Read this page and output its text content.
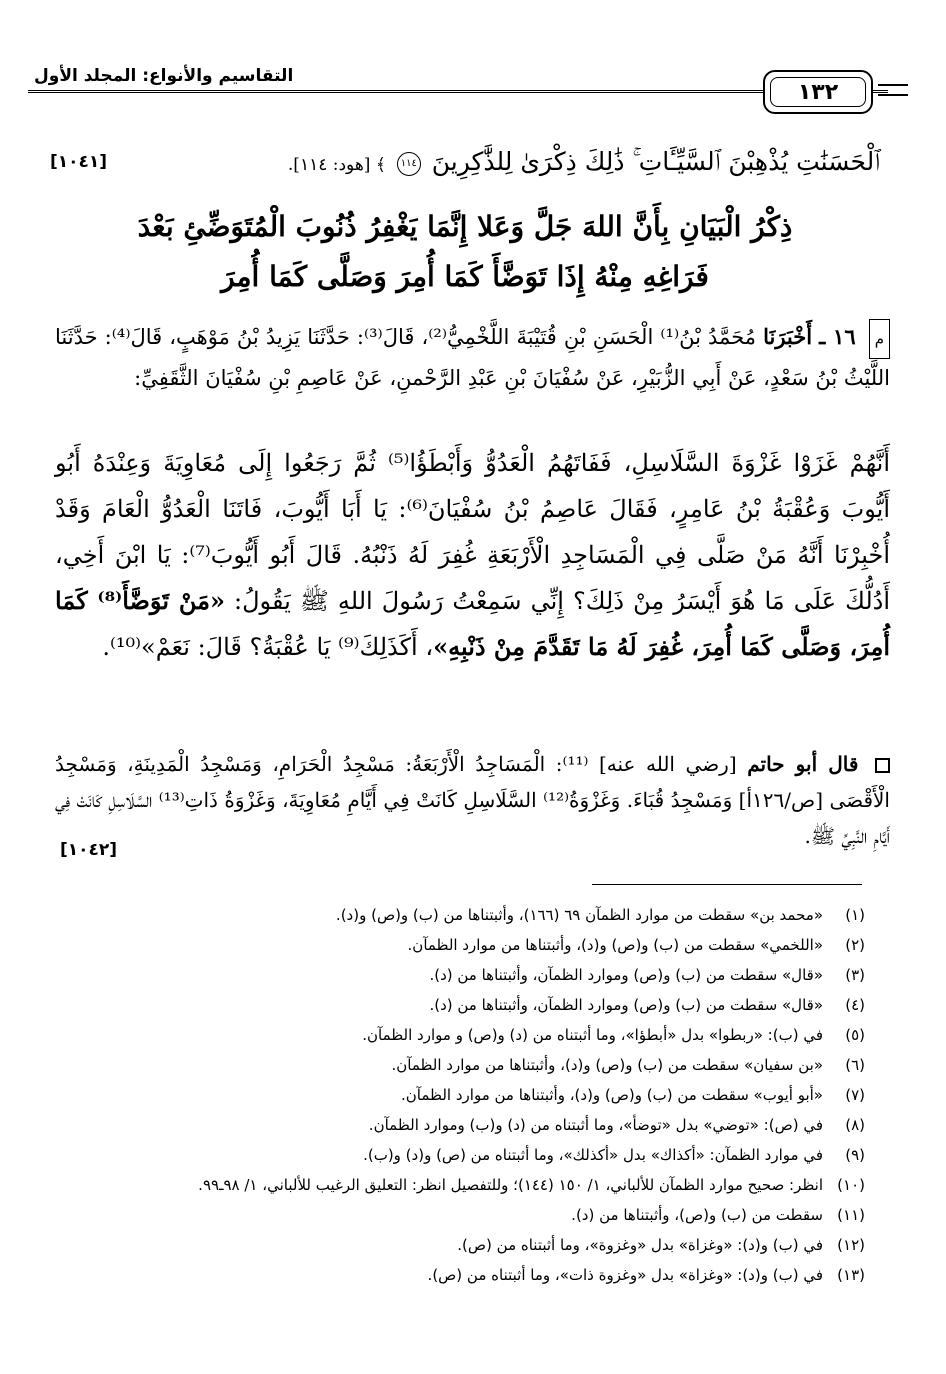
١٣٢
التقاسيم والأنواع: المجلد الأول
ٱلْحَسَنَٰتِ يُذْهِبْنَ ٱلسَّيِّـَٔاتِ ۚ ذَٰلِكَ ذِكْرَىٰ لِلذَّٰكِرِينَ ١١٤ ﴾ [هود: ١١٤].
[١٠٤١]
ذِكْرُ الْبَيَانِ بِأَنَّ اللهَ جَلَّ وَعَلا إِنَّمَا يَغْفِرُ ذُنُوبَ الْمُتَوَضِّئِ بَعْدَ
فَرَاغِهِ مِنْهُ إِذَا تَوَضَّأَ كَمَا أُمِرَ وَصَلَّى كَمَا أُمِرَ
م ١٦ ـ أَخْبَرَنَا مُحَمَّدُ بْنُ⁽¹⁾ الْحَسَنِ بْنِ قُتَيْبَةَ اللَّخْمِيُّ⁽²⁾، قَالَ⁽³⁾: حَدَّثَنَا يَزِيدُ بْنُ مَوْهَبٍ، قَالَ⁽⁴⁾: حَدَّثَنَا اللَّيْثُ بْنُ سَعْدٍ، عَنْ أَبِي الزُّبَيْرِ، عَنْ سُفْيَانَ بْنِ عَبْدِ الرَّحْمنِ، عَنْ عَاصِمِ بْنِ سُفْيَانَ الثَّقَفِيِّ:
أَنَّهُمْ غَزَوْا غَزْوَةَ السَّلَاسِلِ، فَفَاتَهُمُ الْعَدُوُّ وَأَبْطَؤُا⁽⁵⁾ ثُمَّ رَجَعُوا إِلَى مُعَاوِيَةَ وَعِنْدَهُ أَبُو أَيُّوبَ وَعُقْبَةُ بْنُ عَامِرٍ، فَقَالَ عَاصِمُ بْنُ سُفْيَانَ⁽⁶⁾: يَا أَبَا أَيُّوبَ، فَاتَنَا الْعَدُوُّ الْعَامَ وَقَدْ أُخْبِرْنَا أَنَّهُ مَنْ صَلَّى فِي الْمَسَاجِدِ الْأَرْبَعَةِ غُفِرَ لَهُ ذَنْبُهُ. قَالَ أَبُو أَيُّوبَ⁽⁷⁾: يَا ابْنَ أَخِي، أَدُلُّكَ عَلَى مَا هُوَ أَيْسَرُ مِنْ ذَلِكَ؟ إِنِّي سَمِعْتُ رَسُولَ اللهِ ﷺ يَقُولُ: «مَنْ تَوَضَّأَ⁽⁸⁾ كَمَا أُمِرَ، وَصَلَّى كَمَا أُمِرَ، غُفِرَ لَهُ مَا تَقَدَّمَ مِنْ ذَنْبِهِ»، أَكَذَلِكَ⁽⁹⁾ يَا عُقْبَةُ؟ قَالَ: نَعَمْ»⁽¹⁰⁾.
قال أبو حاتم [رضي الله عنه] ⁽¹¹⁾: الْمَسَاجِدُ الْأَرْبَعَةُ: مَسْجِدُ الْحَرَامِ، وَمَسْجِدُ الْمَدِينَةِ، وَمَسْجِدُ الْأَقْصَى [ص/١٢٦أ] وَمَسْجِدُ قُبَاءَ. وَغَزْوَةُ⁽¹²⁾ السَّلَاسِلِ كَانَتْ فِي أَيَّامِ مُعَاوِيَةَ، وَغَزْوَةُ ذَاتِ⁽¹³⁾ السَّلَاسِلِ كَانَتْ فِي أَيَّامِ النَّبِيِّ ﷺ.
[١٠٤٢]
(١)«محمد بن» سقطت من موارد الظمآن ٦٩ (١٦٦)، وأثبتناها من (ب) و(ص) و(د).
(٢)«اللخمي» سقطت من (ب) و(ص) و(د)، وأثبتناها من موارد الظمآن.
(٣)«قال» سقطت من (ب) و(ص) وموارد الظمآن، وأثبتناها من (د).
(٤)«قال» سقطت من (ب) و(ص) وموارد الظمآن، وأثبتناها من (د).
(٥)في (ب): «ربطوا» بدل «أبطؤا»، وما أثبتناه من (د) و(ص) و موارد الظمآن.
(٦)«بن سفيان» سقطت من (ب) و(ص) و(د)، وأثبتناها من موارد الظمآن.
(٧)«أبو أيوب» سقطت من (ب) و(ص) و(د)، وأثبتناها من موارد الظمآن.
(٨)في (ص): «توضي» بدل «توضأ»، وما أثبتناه من (د) و(ب) وموارد الظمآن.
(٩)في موارد الظمآن: «أكذاك» بدل «أكذلك»، وما أثبتناه من (ص) و(د) و(ب).
(١٠)انظر: صحيح موارد الظمآن للألباني، ١/ ١٥٠ (١٤٤)؛ وللتفصيل انظر: التعليق الرغيب للألباني، ١/ ٩٨ـ٩٩.
(١١)سقطت من (ب) و(ص)، وأثبتناها من (د).
(١٢)في (ب) و(د): «وغزاة» بدل «وغزوة»، وما أثبتناه من (ص).
(١٣)في (ب) و(د): «وغزاة» بدل «وغزوة ذات»، وما أثبتناه من (ص).
